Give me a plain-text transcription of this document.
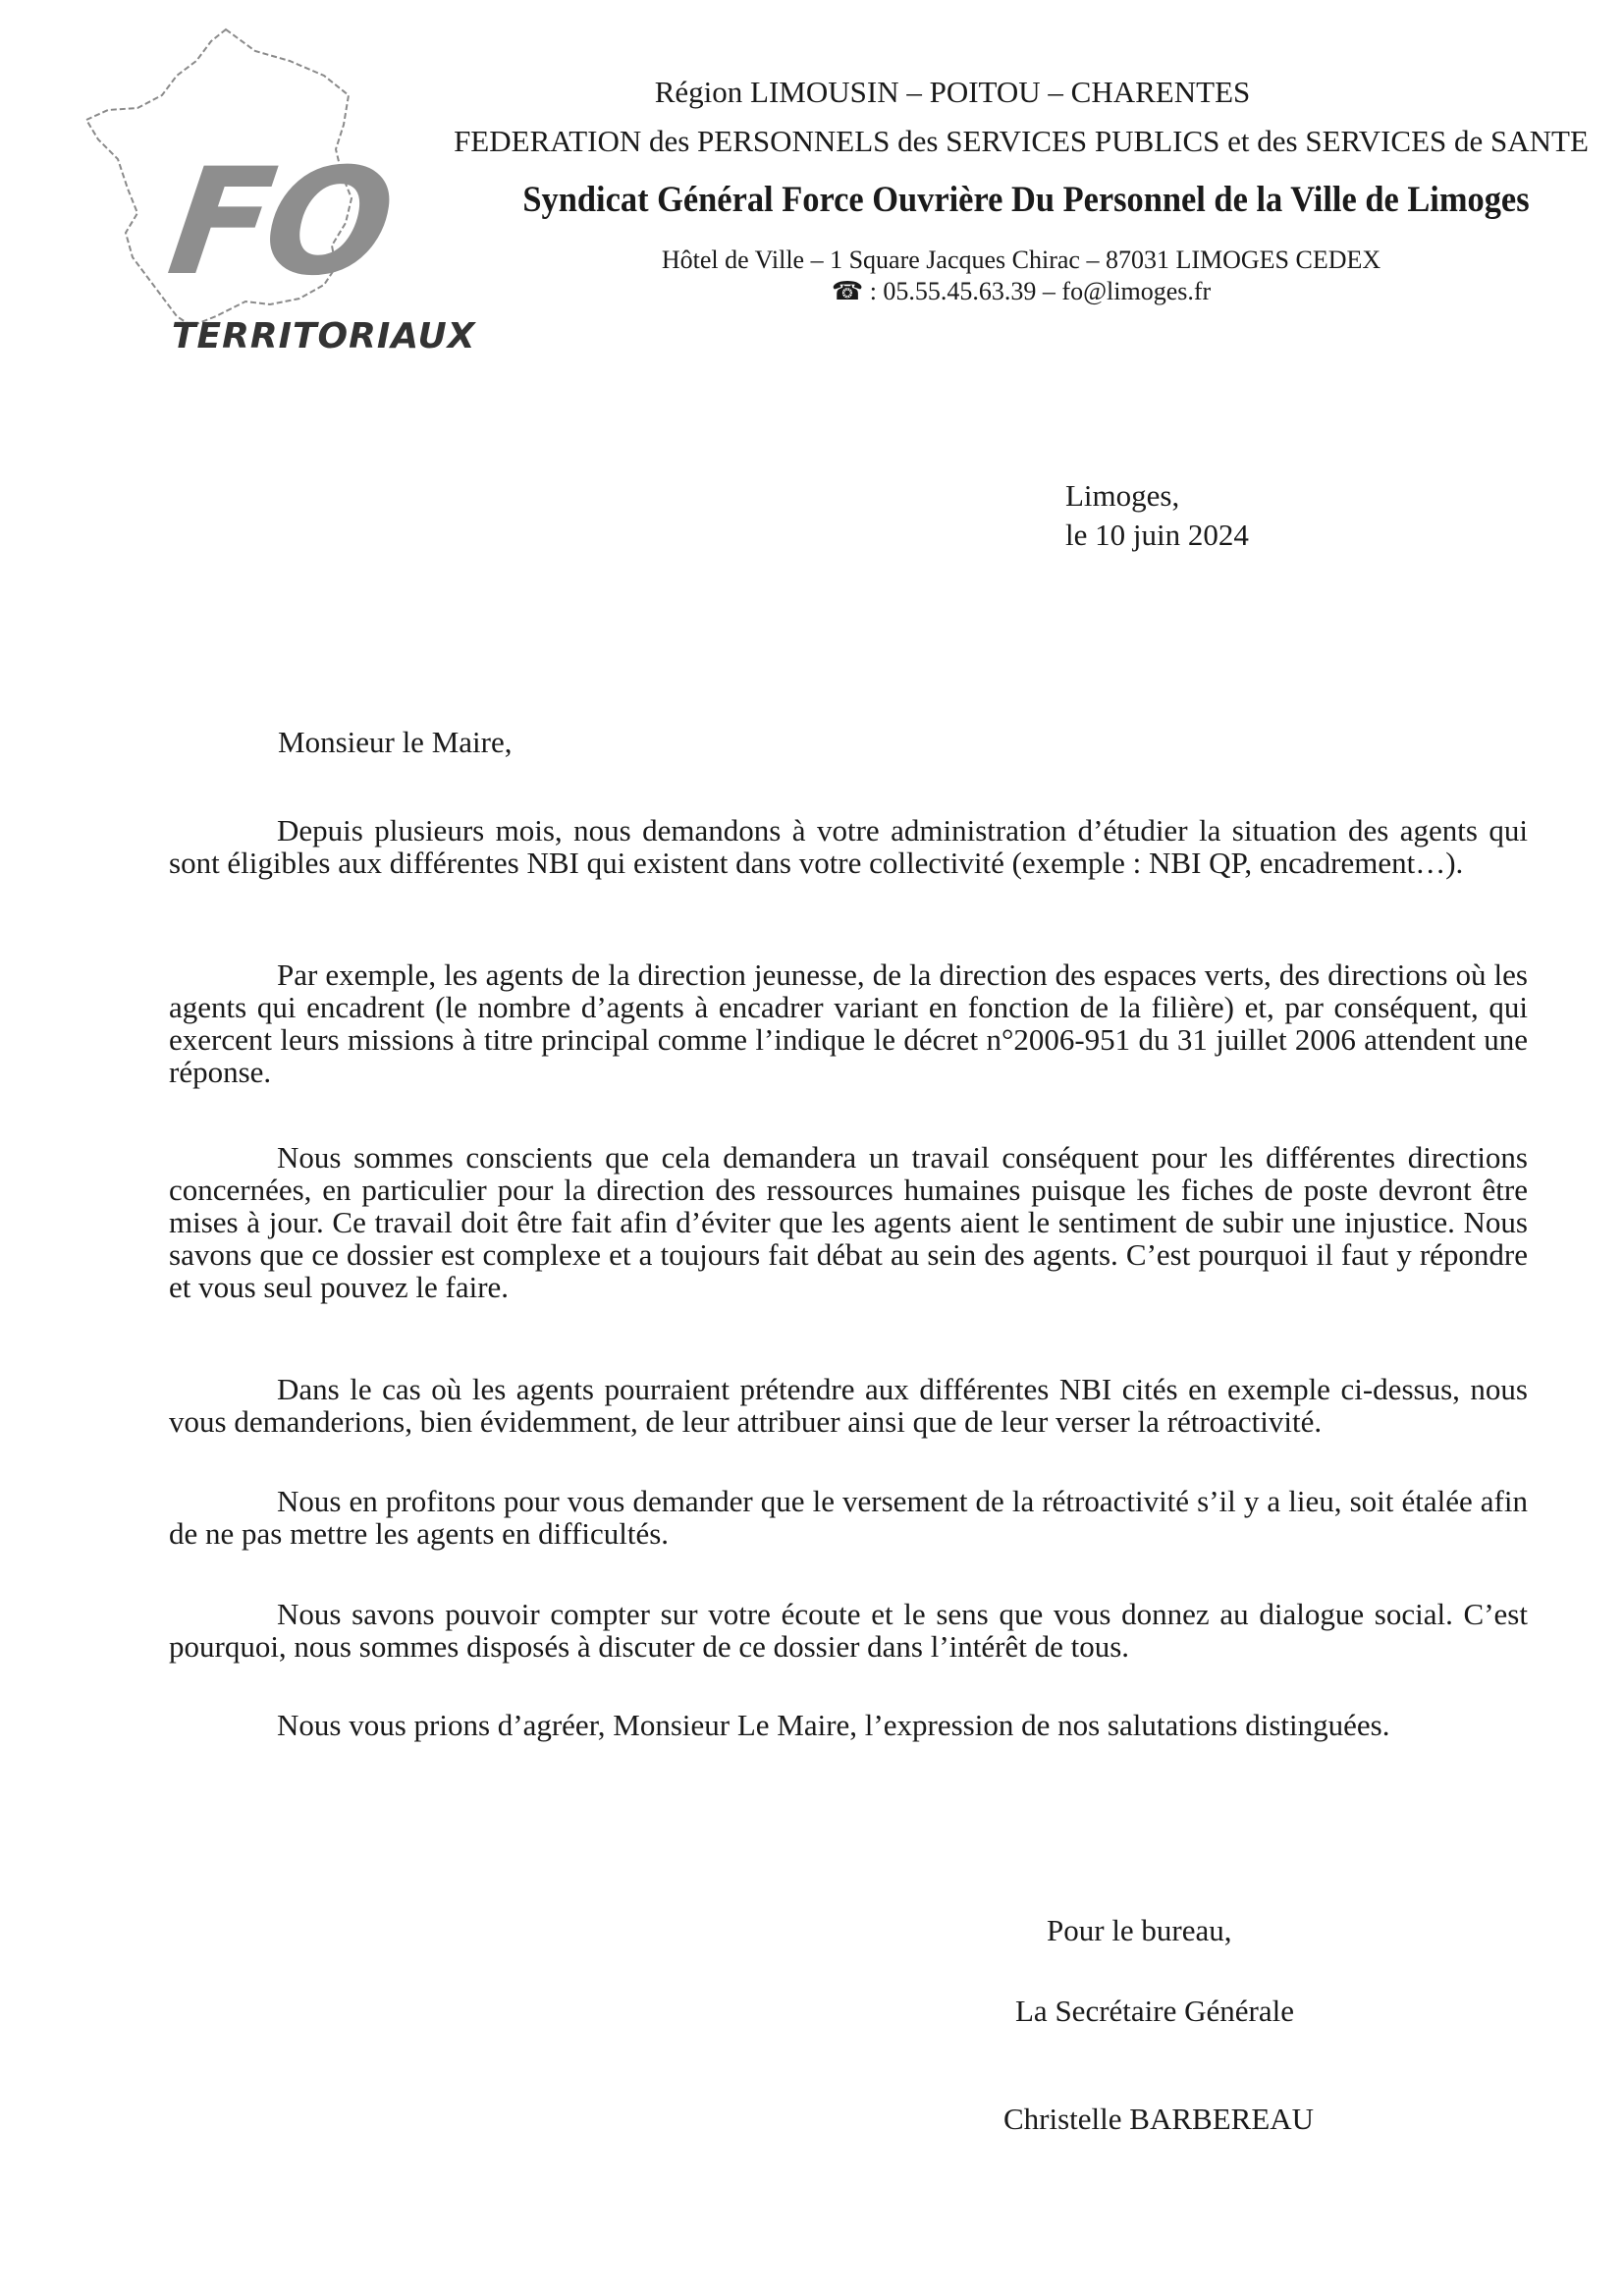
FO
TERRITORIAUX
Région LIMOUSIN – POITOU – CHARENTES
FEDERATION des PERSONNELS des SERVICES PUBLICS et des SERVICES de SANTE
Syndicat Général Force Ouvrière Du Personnel de la Ville de Limoges
Hôtel de Ville – 1 Square Jacques Chirac – 87031 LIMOGES CEDEX
☎ : 05.55.45.63.39 – fo@limoges.fr
Limoges,
le 10 juin 2024
Monsieur le Maire,
Depuis plusieurs mois, nous demandons à votre administration d’étudier la situation des agents qui sont éligibles aux différentes NBI qui existent dans votre collectivité (exemple : NBI QP, encadrement…).
Par exemple, les agents de la direction jeunesse, de la direction des espaces verts, des directions où les agents qui encadrent (le nombre d’agents à encadrer variant en fonction de la filière) et, par conséquent, qui exercent leurs missions à titre principal comme l’indique le décret n°2006-951 du 31 juillet 2006 attendent une réponse.
Nous sommes conscients que cela demandera un travail conséquent pour les différentes directions concernées, en particulier pour la direction des ressources humaines puisque les fiches de poste devront être mises à jour. Ce travail doit être fait afin d’éviter que les agents aient le sentiment de subir une injustice. Nous savons que ce dossier est complexe et a toujours fait débat au sein des agents. C’est pourquoi il faut y répondre et vous seul pouvez le faire.
Dans le cas où les agents pourraient prétendre aux différentes NBI cités en exemple ci-dessus, nous vous demanderions, bien évidemment, de leur attribuer ainsi que de leur verser la rétroactivité.
Nous en profitons pour vous demander que le versement de la rétroactivité s’il y a lieu, soit étalée afin de ne pas mettre les agents en difficultés.
Nous savons pouvoir compter sur votre écoute et le sens que vous donnez au dialogue social. C’est pourquoi, nous sommes disposés à discuter de ce dossier dans l’intérêt de tous.
Nous vous prions d’agréer, Monsieur Le Maire, l’expression de nos salutations distinguées.
Pour le bureau,
La Secrétaire Générale
Christelle BARBEREAU
